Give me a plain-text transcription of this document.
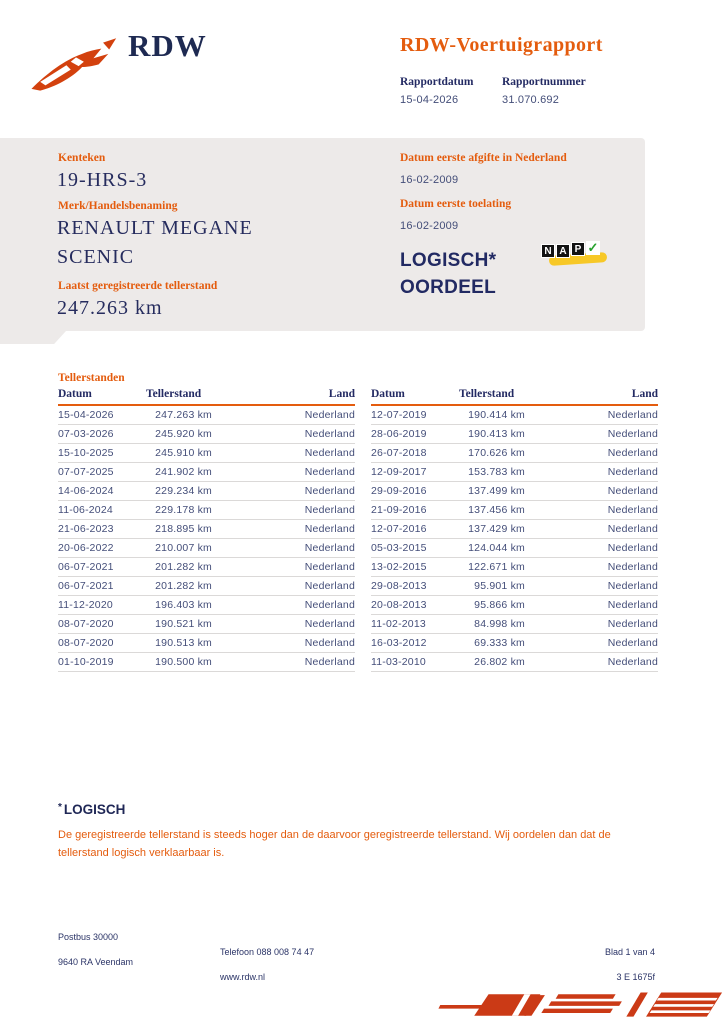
RDW	RDW-Voertuigrapport
Rapportdatum
15-04-2026
Rapportnummer
31.070.692
Kenteken
19-HRS-3
Merk/Handelsbenaming
RENAULT MEGANE SCENIC
Laatst geregistreerde tellerstand
247.263 km
Datum eerste afgifte in Nederland
16-02-2009
Datum eerste toelating
16-02-2009
LOGISCH* OORDEEL
N A P ✓
Tellerstanden
Datum	Tellerstand	Land
15-04-2026	247.263 km	Nederland
07-03-2026	245.920 km	Nederland
15-10-2025	245.910 km	Nederland
07-07-2025	241.902 km	Nederland
14-06-2024	229.234 km	Nederland
11-06-2024	229.178 km	Nederland
21-06-2023	218.895 km	Nederland
20-06-2022	210.007 km	Nederland
06-07-2021	201.282 km	Nederland
06-07-2021	201.282 km	Nederland
11-12-2020	196.403 km	Nederland
08-07-2020	190.521 km	Nederland
08-07-2020	190.513 km	Nederland
01-10-2019	190.500 km	Nederland
Datum	Tellerstand	Land
12-07-2019	190.414 km	Nederland
28-06-2019	190.413 km	Nederland
26-07-2018	170.626 km	Nederland
12-09-2017	153.783 km	Nederland
29-09-2016	137.499 km	Nederland
21-09-2016	137.456 km	Nederland
12-07-2016	137.429 km	Nederland
05-03-2015	124.044 km	Nederland
13-02-2015	122.671 km	Nederland
29-08-2013	95.901 km	Nederland
20-08-2013	95.866 km	Nederland
11-02-2013	84.998 km	Nederland
16-03-2012	69.333 km	Nederland
11-03-2010	26.802 km	Nederland
* LOGISCH
De geregistreerde tellerstand is steeds hoger dan de daarvoor geregistreerde tellerstand. Wij oordelen dan dat de tellerstand logisch verklaarbaar is.
Postbus 30000
9640 RA Veendam
Telefoon 088 008 74 47
www.rdw.nl
Blad 1 van 4
3 E 1675f
